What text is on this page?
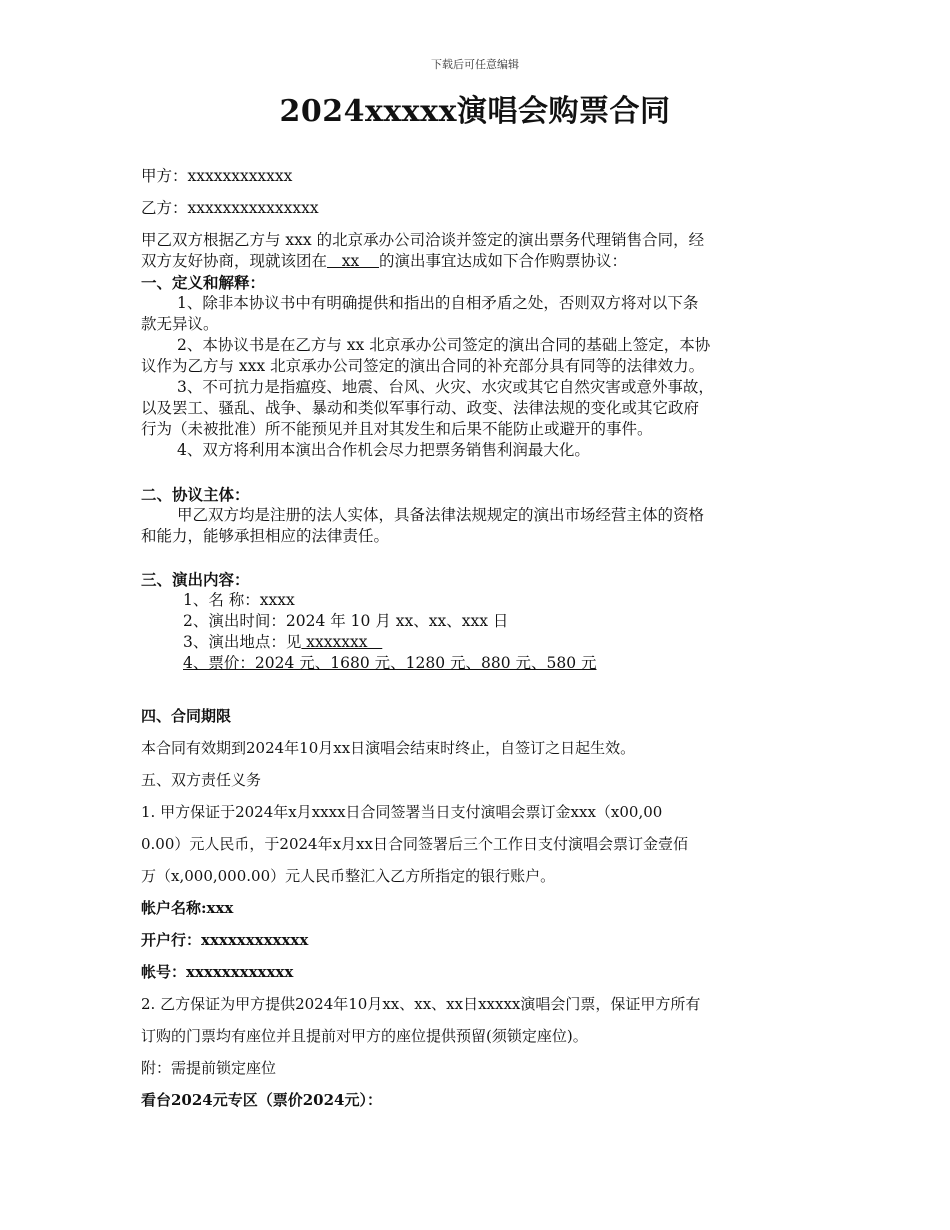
下载后可任意编辑
2024xxxxx演唱会购票合同
甲方：xxxxxxxxxxxx
乙方：xxxxxxxxxxxxxxx
甲乙双方根据乙方与 xxx 的北京承办公司洽谈并签定的演出票务代理销售合同，经
双方友好协商，现就该团在   xx    的演出事宜达成如下合作购票协议：
一、定义和解释：
1、除非本协议书中有明确提供和指出的自相矛盾之处，否则双方将对以下条
款无异议。
2、本协议书是在乙方与 xx 北京承办公司签定的演出合同的基础上签定，本协
议作为乙方与 xxx 北京承办公司签定的演出合同的补充部分具有同等的法律效力。
3、不可抗力是指瘟疫、地震、台风、火灾、水灾或其它自然灾害或意外事故，
以及罢工、骚乱、战争、暴动和类似军事行动、政变、法律法规的变化或其它政府
行为（未被批准）所不能预见并且对其发生和后果不能防止或避开的事件。
4、双方将利用本演出合作机会尽力把票务销售利润最大化。
二、协议主体：
甲乙双方均是注册的法人实体，具备法律法规规定的演出市场经营主体的资格
和能力，能够承担相应的法律责任。
三、演出内容：
1、名 称：xxxx
2、演出时间：2024 年 10 月 xx、xx、xxx 日
3、演出地点：见 xxxxxxx
4、票价：2024 元、1680 元、1280 元、880 元、580 元
四、合同期限
本合同有效期到2024年10月xx日演唱会结束时终止，自签订之日起生效。
五、双方责任义务
1. 甲方保证于2024年x月xxxx日合同签署当日支付演唱会票订金xxx（x00,00
0.00）元人民币，于2024年x月xx日合同签署后三个工作日支付演唱会票订金壹佰
万（x,000,000.00）元人民币整汇入乙方所指定的银行账户。
帐户名称:xxx
开户行：xxxxxxxxxxxx
帐号：xxxxxxxxxxxx
2. 乙方保证为甲方提供2024年10月xx、xx、xx日xxxxx演唱会门票，保证甲方所有
订购的门票均有座位并且提前对甲方的座位提供预留(须锁定座位)。
附：需提前锁定座位
看台2024元专区（票价2024元）：
